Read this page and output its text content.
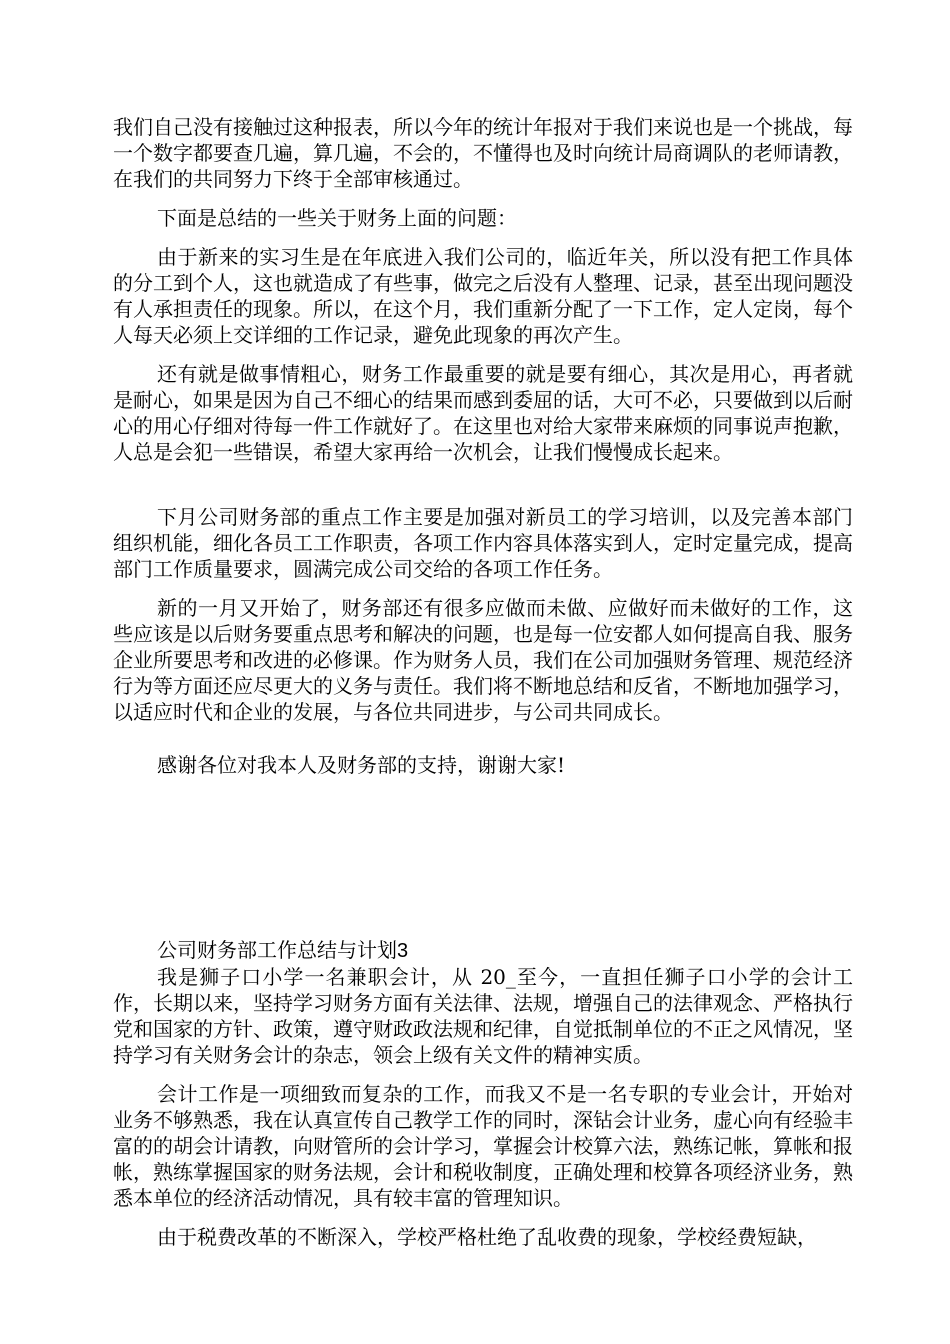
我们自己没有接触过这种报表，所以今年的统计年报对于我们来说也是一个挑战，每一个数字都要查几遍，算几遍，不会的，不懂得也及时向统计局商调队的老师请教，在我们的共同努力下终于全部审核通过。

下面是总结的一些关于财务上面的问题：

由于新来的实习生是在年底进入我们公司的，临近年关，所以没有把工作具体的分工到个人，这也就造成了有些事，做完之后没有人整理、记录，甚至出现问题没有人承担责任的现象。所以，在这个月，我们重新分配了一下工作，定人定岗，每个人每天必须上交详细的工作记录，避免此现象的再次产生。

还有就是做事情粗心，财务工作最重要的就是要有细心，其次是用心，再者就是耐心，如果是因为自己不细心的结果而感到委屈的话，大可不必，只要做到以后耐心的用心仔细对待每一件工作就好了。在这里也对给大家带来麻烦的同事说声抱歉，人总是会犯一些错误，希望大家再给一次机会，让我们慢慢成长起来。

下月公司财务部的重点工作主要是加强对新员工的学习培训，以及完善本部门组织机能，细化各员工工作职责，各项工作内容具体落实到人，定时定量完成，提高部门工作质量要求，圆满完成公司交给的各项工作任务。

新的一月又开始了，财务部还有很多应做而未做、应做好而未做好的工作，这些应该是以后财务要重点思考和解决的问题，也是每一位安都人如何提高自我、服务企业所要思考和改进的必修课。作为财务人员，我们在公司加强财务管理、规范经济行为等方面还应尽更大的义务与责任。我们将不断地总结和反省，不断地加强学习，以适应时代和企业的发展，与各位共同进步，与公司共同成长。

感谢各位对我本人及财务部的支持，谢谢大家!

公司财务部工作总结与计划3

我是狮子口小学一名兼职会计，从 20_至今，一直担任狮子口小学的会计工作，长期以来，坚持学习财务方面有关法律、法规，增强自己的法律观念、严格执行党和国家的方针、政策，遵守财政政法规和纪律，自觉抵制单位的不正之风情况，坚持学习有关财务会计的杂志，领会上级有关文件的精神实质。

会计工作是一项细致而复杂的工作，而我又不是一名专职的专业会计，开始对业务不够熟悉，我在认真宣传自己教学工作的同时，深钻会计业务，虚心向有经验丰富的的胡会计请教，向财管所的会计学习，掌握会计校算六法，熟练记帐，算帐和报帐，熟练掌握国家的财务法规，会计和税收制度，正确处理和校算各项经济业务，熟悉本单位的经济活动情况，具有较丰富的管理知识。

由于税费改革的不断深入，学校严格杜绝了乱收费的现象，学校经费短缺，
